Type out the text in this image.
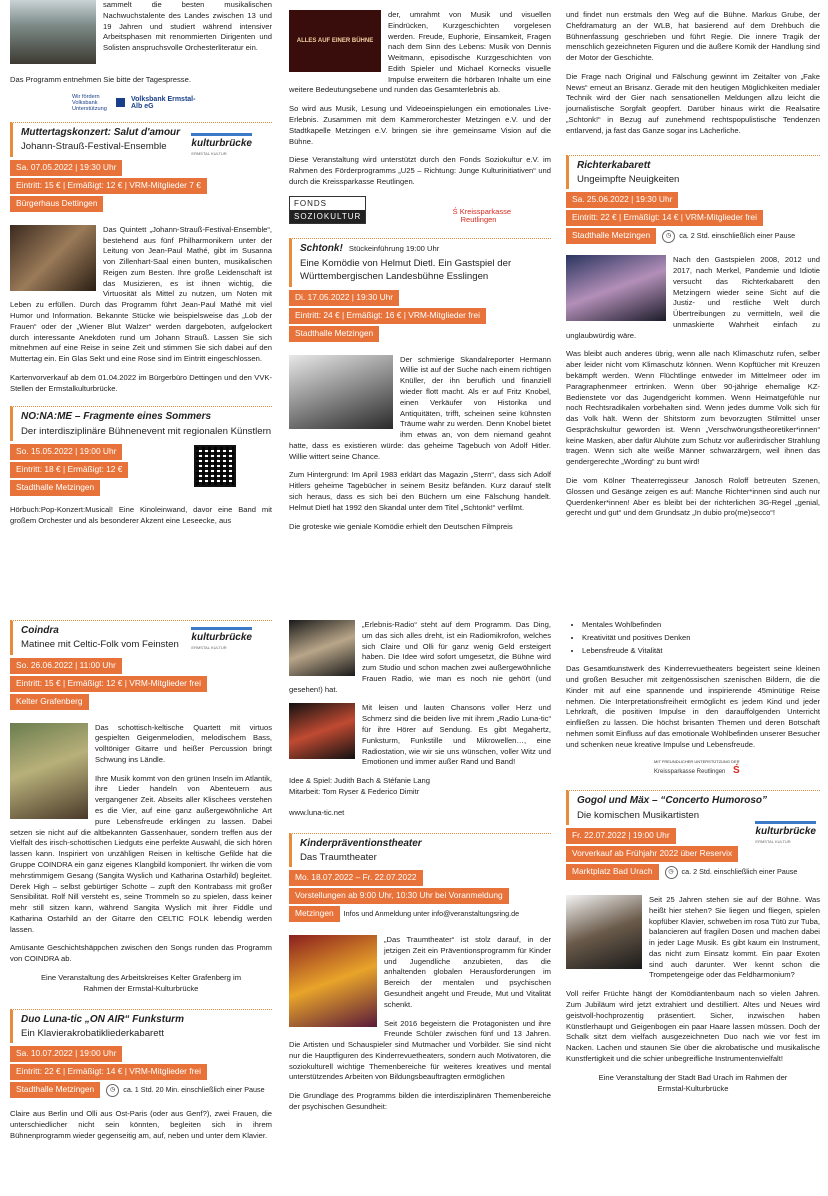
sammelt die besten musikalischen Nachwuchstalente des Landes zwischen 13 und 19 Jahren und studiert während intensiver Arbeitsphasen mit renommierten Dirigenten und Solisten anspruchsvolle Orchesterliteratur ein.

Das Programm entnehmen Sie bitte der Tagespresse.

Wir fördern Volksbank Unterstützung
Volksbank Ermstal-Alb eG
Muttertagskonzert: Salut d'amour
Johann-Strauß-Festival-Ensemble	kulturbrücke
ERMSTAL KULTUR
Sa. 07.05.2022 | 19:30 Uhr
Eintritt: 15 € | Ermäßigt: 12 € | VRM-Mitglieder 7 €
Bürgerhaus Dettingen

Das Quintett „Johann-Strauß-Festival-Ensemble“, bestehend aus fünf Philharmonikern unter der Leitung von Jean-Paul Mathé, gibt im Susanna von Zillenhart-Saal einen bunten, musikalischen Reigen zum Besten. Ihre große Leidenschaft ist das Musizieren, es ist ihnen wichtig, die Virtuosität als Mittel zu nutzen, um Noten mit Leben zu erfüllen. Durch das Programm führt Jean-Paul Mathé mit viel Humor und Information. Bekannte Stücke wie beispielsweise das „Lob der Frauen“ oder der „Wiener Blut Walzer“ werden dargeboten, aufgelockert durch interessante Anekdoten rund um Johann Strauß. Lassen Sie sich mitnehmen auf eine Reise in seine Zeit und stimmen Sie sich dabei auf den Muttertag ein. Ein Glas Sekt und eine Rose sind im Eintritt eingeschlossen.

Kartenvorverkauf ab dem 01.04.2022 im Bürgerbüro Dettingen und den VVK-Stellen der Ermstalkulturbrücke.

NO:NA:ME – Fragmente eines Sommers
Der interdisziplinäre Bühnenevent mit regionalen Künstlern
So. 15.05.2022 | 19:00 Uhr
Eintritt: 18 € | Ermäßigt: 12 €
Stadthalle Metzingen

Hörbuch:Pop-Konzert:Musical! Eine Kinoleinwand, davor eine Band mit großem Orchester und als besonderer Akzent eine Leseecke, aus

Coindra
Matinee mit Celtic-Folk vom Feinsten
kulturbrücke
ERMSTAL KULTUR
So. 26.06.2022 | 11:00 Uhr
Eintritt: 15 € | Ermäßigt: 12 € | VRM-Mitglieder frei
Kelter Grafenberg

Das schottisch-keltische Quartett mit virtuos gespielten Geigenmelodien, melodischem Bass, volltöniger Gitarre und heißer Percussion bringt Schwung ins Ländle.

Ihre Musik kommt von den grünen Inseln im Atlantik, ihre Lieder handeln von Abenteuern aus vergangener Zeit. Abseits aller Klischees verstehen es die Vier, auf eine ganz außergewöhnliche Art pure Lebensfreude erklingen zu lassen. Dabei setzen sie nicht auf die altbekannten Gassenhauer, sondern treffen aus der Vielfalt des irisch-schottischen Liedguts eine perfekte Auswahl, die sich hören lassen kann. Inspiriert von unzähligen Reisen in keltische Gefilde hat die Gruppe COINDRA ein ganz eigenes Klangbild komponiert. Ihr wirken die vom mehrstimmigem Gesang (Sangita Wyslich und Katharina Ostarhild) begleitet. Derek High – selbst gebürtiger Schotte – zupft den Kontrabass mit großer Sensibilität. Rolf Nill versteht es, seine Trommeln so zu spielen, dass keiner mehr still sitzen kann, während Sangita Wyslich mit ihrer Fiddle und Katharina Ostarhild an der Gitarre den CELTIC FOLK lebendig werden lassen.

Amüsante Geschichtshäppchen zwischen den Songs runden das Programm von COINDRA ab.

Eine Veranstaltung des Arbeitskreises Kelter Grafenberg im Rahmen der Ermstal-Kulturbrücke

Duo Luna-tic „ON AIR“ Funksturm
Ein Klavierakrobatikliederkabarett
Sa. 10.07.2022 | 19:00 Uhr
Eintritt: 22 € | Ermäßigt: 14 € | VRM-Mitglieder frei
Stadthalle Metzingen	◷ ca. 1 Std. 20 Min. einschließlich einer Pause

Claire aus Berlin und Olli aus Ost-Paris (oder aus Genf?), zwei Frauen, die unterschiedlicher nicht sein könnten, begleiten sich in ihrem Bühnenprogramm wieder gegenseitig am, auf, neben und unter dem Klavier.

ALLES AUF EINER BÜHNE

der, umrahmt von Musik und visuellen Eindrücken, Kurzgeschichten vorgelesen werden. Freude, Euphorie, Einsamkeit, Fragen nach dem Sinn des Lebens: Musik von Dennis Weitmann, episodische Kurzgeschichten von Edith Spieler und Michael Kornecks visuelle Impulse erweitern die hörbaren Inhalte um eine weitere Bedeutungsebene und runden das Gesamterlebnis ab.

So wird aus Musik, Lesung und Videoeinspielungen ein emotionales Live-Erlebnis. Zusammen mit dem Kammerorchester Metzingen e.V. und der Stadtkapelle Metzingen e.V. bringen sie ihre gemeinsame Vision auf die Bühne.

Diese Veranstaltung wird unterstützt durch den Fonds Soziokultur e.V. im Rahmen des Förderprogramms „U25 – Richtung: Junge Kulturinitiativen“ und durch die Kreissparkasse Reutlingen.

FONDS
SOZIOKULTUR
Ś Kreissparkasse
Reutlingen
Schtonk! Stückeinführung 19:00 Uhr
Eine Komödie von Helmut Dietl. Ein Gastspiel der Württembergischen Landesbühne Esslingen
Di. 17.05.2022 | 19:30 Uhr
Eintritt: 24 € | Ermäßigt: 16 € | VRM-Mitglieder frei
Stadthalle Metzingen

Der schmierige Skandalreporter Hermann Willie ist auf der Suche nach einem richtigen Knüller, der ihn beruflich und finanziell wieder flott macht. Als er auf Fritz Knobel, einen Verkäufer von Historika und Antiquitäten, trifft, scheinen seine kühnsten Träume wahr zu werden. Denn Knobel bietet ihm etwas an, von dem niemand geahnt hatte, dass es existieren würde: das geheime Tagebuch von Adolf Hitler. Willie wittert seine Chance.

Zum Hintergrund: Im April 1983 erklärt das Magazin „Stern“, dass sich Adolf Hitlers geheime Tagebücher in seinem Besitz befänden. Kurz darauf stellt sich heraus, dass es sich bei den Büchern um eine Fälschung handelt. Helmut Dietl hat 1992 den Skandal unter dem Titel „Schtonk!“ verfilmt.

Die groteske wie geniale Komödie erhielt den Deutschen Filmpreis

„Erlebnis-Radio“ steht auf dem Programm. Das Ding, um das sich alles dreht, ist ein Radiomikrofon, welches sich Claire und Olli für ganz wenig Geld ersteigert haben. Die Idee wird sofort umgesetzt, die Bühne wird zum Studio und schon machen zwei außergewöhnliche Frauen Radio, wie man es noch nie gehört (und gesehen!) hat.

Mit leisen und lauten Chansons voller Herz und Schmerz sind die beiden live mit ihrem „Radio Luna-tic“ für ihre Hörer auf Sendung. Es gibt Megahertz, Funksturm, Funkstille und Mikrowellen…, eine Radiostation, wie wir sie uns wünschen, voller Witz und Emotionen und immer außer Rand und Band!

Idee & Spiel: Judith Bach & Stéfanie Lang
Mitarbeit: Tom Ryser & Federico Dimitr
www.luna-tic.net
Kinderpräventionstheater
Das Traumtheater
Mo. 18.07.2022 – Fr. 22.07.2022
Vorstellungen ab 9:00 Uhr, 10:30 Uhr bei Voranmeldung
Metzingen Infos und Anmeldung unter info@veranstaltungsring.de

„Das Traumtheater“ ist stolz darauf, in der jetzigen Zeit ein Präventionsprogramm für Kinder und Jugendliche anzubieten, das die anhaltenden globalen Herausforderungen im Bereich der mentalen und psychischen Gesundheit angeht und Freude, Mut und Vitalität schenkt.

Seit 2016 begeistern die Protagonisten und ihre Freunde Schüler zwischen fünf und 13 Jahren. Die Artisten und Schauspieler sind Mutmacher und Vorbilder. Sie sind nicht nur die Hauptfiguren des Kinderrevuetheaters, sondern auch Motivatoren, die soziokulturell wichtige Themenbereiche für weiteres kreatives und mental unterstützendes Arbeiten von Bildungsbeauftragten ermöglichen

Die Grundlage des Programms bilden die interdisziplinären Themenbereiche der psychischen Gesundheit:

und findet nun erstmals den Weg auf die Bühne. Markus Grube, der Chefdramaturg an der WLB, hat basierend auf dem Drehbuch die Bühnenfassung geschrieben und führt Regie. Die innere Tragik der menschlich gezeichneten Figuren und die äußere Komik der Handlung sind der Motor der Geschichte.

Die Frage nach Original und Fälschung gewinnt im Zeitalter von „Fake News“ erneut an Brisanz. Gerade mit den heutigen Möglichkeiten medialer Technik wird der Gier nach sensationellen Meldungen allzu leicht die journalistische Sorgfalt geopfert. Darüber hinaus wirkt die Realsatire „Schtonk!“ in Bezug auf zunehmend rechtspopulistische Tendenzen entlarvend, ja fast das Ganze sogar ins Lächerliche.

Richterkabarett
Ungeimpfte Neuigkeiten
Sa. 25.06.2022 | 19:30 Uhr
Eintritt: 22 € | Ermäßigt: 14 € | VRM-Mitglieder frei
Stadthalle Metzingen	◷ ca. 2 Std. einschließlich einer Pause

Nach den Gastspielen 2008, 2012 und 2017, nach Merkel, Pandemie und Idiotie versucht das Richterkabarett den Metzingern wieder seine Sicht auf die Justiz- und restliche Welt durch Übertreibungen zu vermitteln, weil die unmaskierte Wahrheit einfach zu unglaubwürdig wäre.

Was bleibt auch anderes übrig, wenn alle nach Klimaschutz rufen, selber aber leider nicht vom Klimaschutz können. Wenn Kopftücher mit Kreuzen bekämpft werden. Wenn Flüchtlinge entweder im Mittelmeer oder im Paragraphenmeer ertrinken. Wenn über 90-jährige ehemalige KZ-Bedienstete vor das Jugendgericht kommen. Wenn Heimatgefühle nur noch Rechtsradikalen vorbehalten sind. Wenn jedes dumme Volk sich für das Volk hält. Wenn der Shitstorm zum bevorzugten Stilmittel unser Gesprächskultur geworden ist. Wenn „Verschwörungstheoretiker*innen“ keine Masken, aber dafür Aluhüte zum Schutz vor außerirdischer Strahlung tragen. Wenn sich alte weiße Männer schwarzärgern, weil ihnen das gendergerechte „Wording“ zu bunt wird!

Die vom Kölner Theaterregisseur Janosch Roloff betreuten Szenen, Glossen und Gesänge zeigen es auf: Manche Richter*innen sind auch nur Querdenker*innen! Aber es bleibt bei der richterlichen 3G-Regel „genial, gerecht und gut“ und dem Grundsatz „In dubio pro(me)secco“!

• Mentales Wohlbefinden
• Kreativität und positives Denken
• Lebensfreude & Vitalität

Das Gesamtkunstwerk des Kinderrevuetheaters begeistert seine kleinen und großen Besucher mit zeitgenössischen szenischen Bildern, die die Kinder mit auf eine spannende und inspirierende 45minütige Reise nehmen. Die Interpretationsfreiheit ermöglicht es jedem Kind und jeder Lehrkraft, die positiven Impulse in den darauffolgenden Unterricht einfließen zu lassen. Die höchst brisanten Themen und deren Botschaft nehmen somit Einfluss auf das emotionale Wohlbefinden unserer Besucher und schenken neue kreative Impulse und Lebensfreude.

MIT FREUNDLICHER UNTERSTÜTZUNG DER
Kreissparkasse Reutlingen Ś
Gogol und Mäx – “Concerto Humoroso”
Die komischen Musikartisten
kulturbrücke
ERMSTAL KULTUR
Fr. 22.07.2022 | 19:00 Uhr
Vorverkauf ab Frühjahr 2022 über Reservix
Marktplatz Bad Urach	◷ ca. 2 Std. einschließlich einer Pause

Seit 25 Jahren stehen sie auf der Bühne. Was heißt hier stehen? Sie liegen und fliegen, spielen kopfüber Klavier, schweben im rosa Tütü zur Tuba, balancieren auf fragilen Dosen und machen dabei in jeder Lage Musik. Es gibt kaum ein Instrument, das nicht zum Einsatz kommt. Ein paar Exoten sind auch darunter. Wer kennt schon die Trompetengeige oder das Feldharmonium?

Voll reifer Früchte hängt der Komödiantenbaum nach so vielen Jahren. Zum Jubiläum wird jetzt extrahiert und destilliert. Altes und Neues wird geistvoll-hochprozentig präsentiert. Sicher, inzwischen haben Künstlerhaupt und Geigenbogen ein paar Haare lassen müssen. Doch der Schalk sitzt dem vielfach ausgezeichneten Duo nach wie vor fest im Nacken. Lachen und staunen Sie über die akrobatische und musikalische Kunstfertigkeit und die schier unbegreifliche Instrumentenvielfalt!

Eine Veranstaltung der Stadt Bad Urach im Rahmen der Ermstal-Kulturbrücke
